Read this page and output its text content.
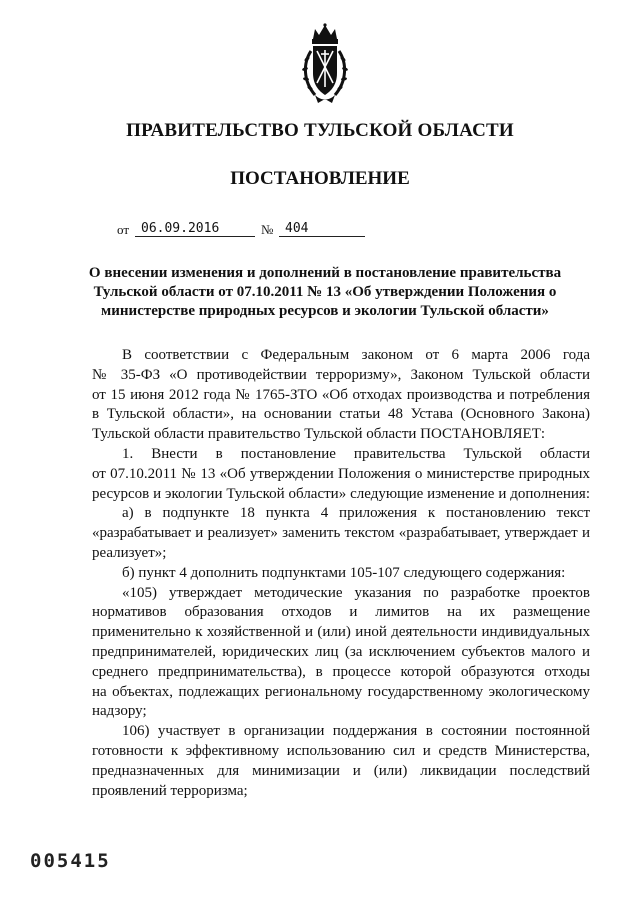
ПРАВИТЕЛЬСТВО ТУЛЬСКОЙ ОБЛАСТИ
ПОСТАНОВЛЕНИЕ
от 06.09.2016	№ 404
О внесении изменения и дополнений в постановление правительства
Тульской области от 07.10.2011 № 13 «Об утверждении Положения о
министерстве природных ресурсов и экологии Тульской области»
В соответствии с Федеральным законом от 6 марта 2006 года
№ 35-ФЗ «О противодействии терроризму», Законом Тульской области
от 15 июня 2012 года № 1765-ЗТО «Об отходах производства и потребления
в Тульской области», на основании статьи 48 Устава (Основного Закона)
Тульской области правительство Тульской области ПОСТАНОВЛЯЕТ:
1. Внести в постановление правительства Тульской области
от 07.10.2011 № 13 «Об утверждении Положения о министерстве природных
ресурсов и экологии Тульской области» следующие изменение и дополнения:
а) в подпункте 18 пункта 4 приложения к постановлению текст
«разрабатывает и реализует» заменить текстом «разрабатывает, утверждает и
реализует»;
б) пункт 4 дополнить подпунктами 105-107 следующего содержания:
«105) утверждает методические указания по разработке проектов
нормативов образования отходов и лимитов на их размещение
применительно к хозяйственной и (или) иной деятельности индивидуальных
предпринимателей, юридических лиц (за исключением субъектов малого и
среднего предпринимательства), в процессе которой образуются отходы
на объектах, подлежащих региональному государственному экологическому
надзору;
106) участвует в организации поддержания в состоянии постоянной
готовности к эффективному использованию сил и средств Министерства,
предназначенных для минимизации и (или) ликвидации последствий
проявлений терроризма;
005415
